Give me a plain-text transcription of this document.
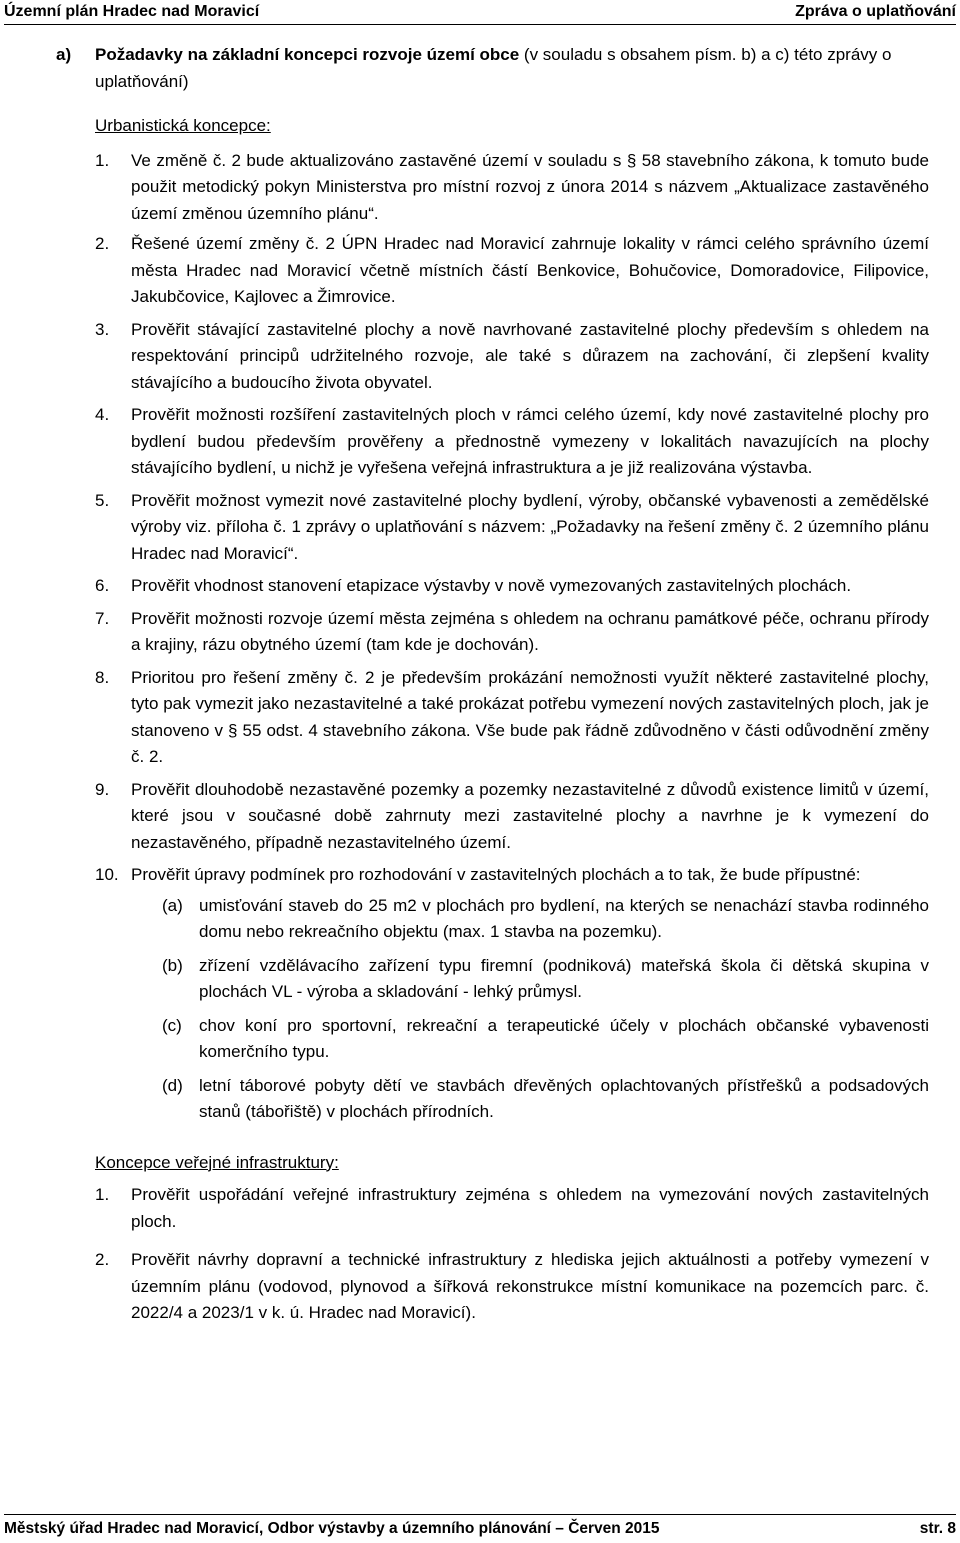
Územní plán Hradec nad Moravicí	Zpráva o uplatňování
a) Požadavky na základní koncepci rozvoje území obce (v souladu s obsahem písm. b) a c) této zprávy o uplatňování)
Urbanistická koncepce:
1. Ve změně č. 2 bude aktualizováno zastavěné území v souladu s § 58 stavebního zákona, k tomuto bude použit metodický pokyn Ministerstva pro místní rozvoj z února 2014 s názvem „Aktualizace zastavěného území změnou územního plánu“.
2. Řešené území změny č. 2 ÚPN Hradec nad Moravicí zahrnuje lokality v rámci celého správního území města Hradec nad Moravicí včetně místních částí Benkovice, Bohučovice, Domoradovice, Filipovice, Jakubčovice, Kajlovec a Žimrovice.
3. Prověřit stávající zastavitelné plochy a nově navrhované zastavitelné plochy především s ohledem na respektování principů udržitelného rozvoje, ale také s důrazem na zachování, či zlepšení kvality stávajícího a budoucího života obyvatel.
4. Prověřit možnosti rozšíření zastavitelných ploch v rámci celého území, kdy nové zastavitelné plochy pro bydlení budou především prověřeny a přednostně vymezeny v lokalitách navazujících na plochy stávajícího bydlení, u nichž je vyřešena veřejná infrastruktura a je již realizována výstavba.
5. Prověřit možnost vymezit nové zastavitelné plochy bydlení, výroby, občanské vybavenosti a zemědělské výroby viz. příloha č. 1 zprávy o uplatňování s názvem: „Požadavky na řešení změny č. 2 územního plánu Hradec nad Moravicí“.
6. Prověřit vhodnost stanovení etapizace výstavby v nově vymezovaných zastavitelných plochách.
7. Prověřit možnosti rozvoje území města zejména s ohledem na ochranu památkové péče, ochranu přírody a krajiny, rázu obytného území (tam kde je dochován).
8. Prioritou pro řešení změny č. 2 je především prokázání nemožnosti využít některé zastavitelné plochy, tyto pak vymezit jako nezastavitelné a také prokázat potřebu vymezení nových zastavitelných ploch, jak je stanoveno v § 55 odst. 4 stavebního zákona. Vše bude pak řádně zdůvodněno v části odůvodnění změny č. 2.
9. Prověřit dlouhodobě nezastavěné pozemky a pozemky nezastavitelné z důvodů existence limitů v území, které jsou v současné době zahrnuty mezi zastavitelné plochy a navrhne je k vymezení do nezastavěného, případně nezastavitelného území.
10. Prověřit úpravy podmínek pro rozhodování v zastavitelných plochách a to tak, že bude přípustné:
(a) umisťování staveb do 25 m2 v plochách pro bydlení, na kterých se nenachází stavba rodinného domu nebo rekreačního objektu (max. 1 stavba na pozemku).
(b) zřízení vzdělávacího zařízení typu firemní (podniková) mateřská škola či dětská skupina v plochách VL - výroba a skladování - lehký průmysl.
(c) chov koní pro sportovní, rekreační a terapeutické účely v plochách občanské vybavenosti komerčního typu.
(d) letní táborové pobyty dětí ve stavbách dřevěných oplachtovaných přístřešků a podsadových stanů (tábořiště) v plochách přírodních.
Koncepce veřejné infrastruktury:
1. Prověřit uspořádání veřejné infrastruktury zejména s ohledem na vymezování nových zastavitelných ploch.
2. Prověřit návrhy dopravní a technické infrastruktury z hlediska jejich aktuálnosti a potřeby vymezení v územním plánu (vodovod, plynovod a šířková rekonstrukce místní komunikace na pozemcích parc. č. 2022/4 a 2023/1 v k. ú. Hradec nad Moravicí).
Městský úřad Hradec nad Moravicí, Odbor výstavby a územního plánování – Červen 2015	str. 8
